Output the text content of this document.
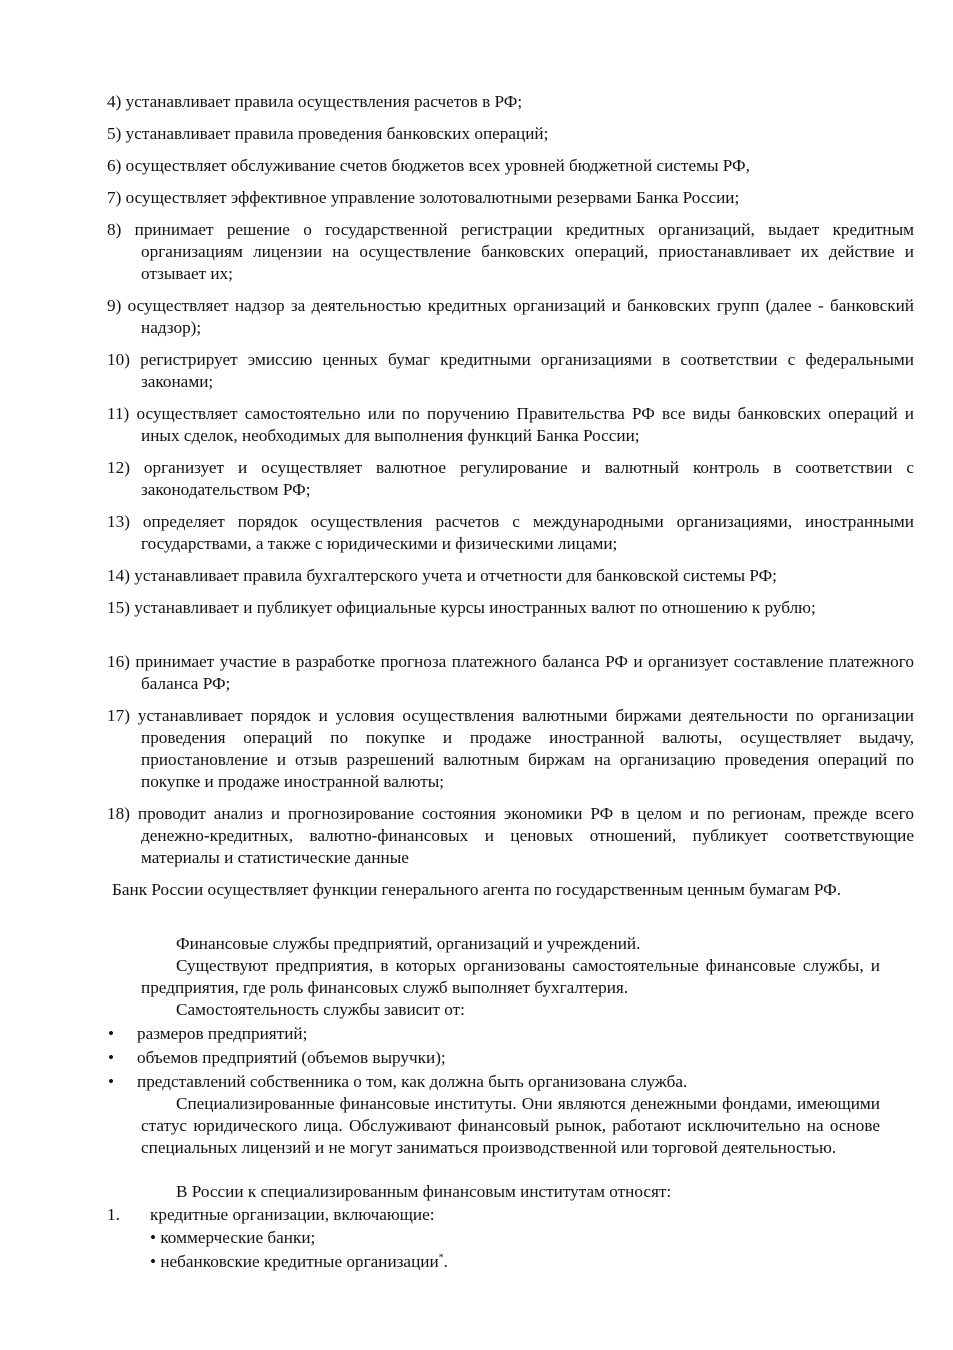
4) устанавливает правила осуществления расчетов в РФ;

5) устанавливает правила проведения банковских операций;

6) осуществляет обслуживание счетов бюджетов всех уровней бюджетной системы РФ,

7) осуществляет эффективное управление золотовалютными резервами Банка России;

8) принимает решение о государственной регистрации кредитных организаций, выдает кредитным организациям лицензии на осуществление банковских операций, приостанавливает их действие и отзывает их;

9) осуществляет надзор за деятельностью кредитных организаций и банковских групп (далее - банковский надзор);

10) регистрирует эмиссию ценных бумаг кредитными организациями в соответствии с федеральными законами;

11) осуществляет самостоятельно или по поручению Правительства РФ все виды банковских операций и иных сделок, необходимых для выполнения функций Банка России;

12) организует и осуществляет валютное регулирование и валютный контроль в соответствии с законодательством РФ;

13) определяет порядок осуществления расчетов с международными организациями, иностранными государствами, а также с юридическими и физическими лицами;

14) устанавливает правила бухгалтерского учета и отчетности для банковской системы РФ;

15) устанавливает и публикует официальные курсы иностранных валют по отношению к рублю;

16) принимает участие в разработке прогноза платежного баланса РФ и организует составление платежного баланса РФ;

17) устанавливает порядок и условия осуществления валютными биржами деятельности по организации проведения операций по покупке и продаже иностранной валюты, осуществляет выдачу, приостановление и отзыв разрешений валютным биржам на организацию проведения операций по покупке и продаже иностранной валюты;

18) проводит анализ и прогнозирование состояния экономики РФ в целом и по регионам, прежде всего денежно-кредитных, валютно-финансовых и ценовых отношений, публикует соответствующие материалы и статистические данные

Банк России осуществляет функции генерального агента по государственным ценным бумагам РФ.

Финансовые службы предприятий, организаций и учреждений.

Существуют предприятия, в которых организованы самостоятельные финансовые службы, и предприятия, где роль финансовых служб выполняет бухгалтерия.

Самостоятельность службы зависит от:

• размеров предприятий;

• объемов предприятий (объемов выручки);

• представлений собственника о том, как должна быть организована служба.

Специализированные финансовые институты. Они являются денежными фондами, имеющими статус юридического лица. Обслуживают финансовый рынок, работают исключительно на основе специальных лицензий и не могут заниматься производственной или торговой деятельностью.

В России к специализированным финансовым институтам относят:

1. кредитные организации, включающие:

• коммерческие банки;

• небанковские кредитные организации*.
